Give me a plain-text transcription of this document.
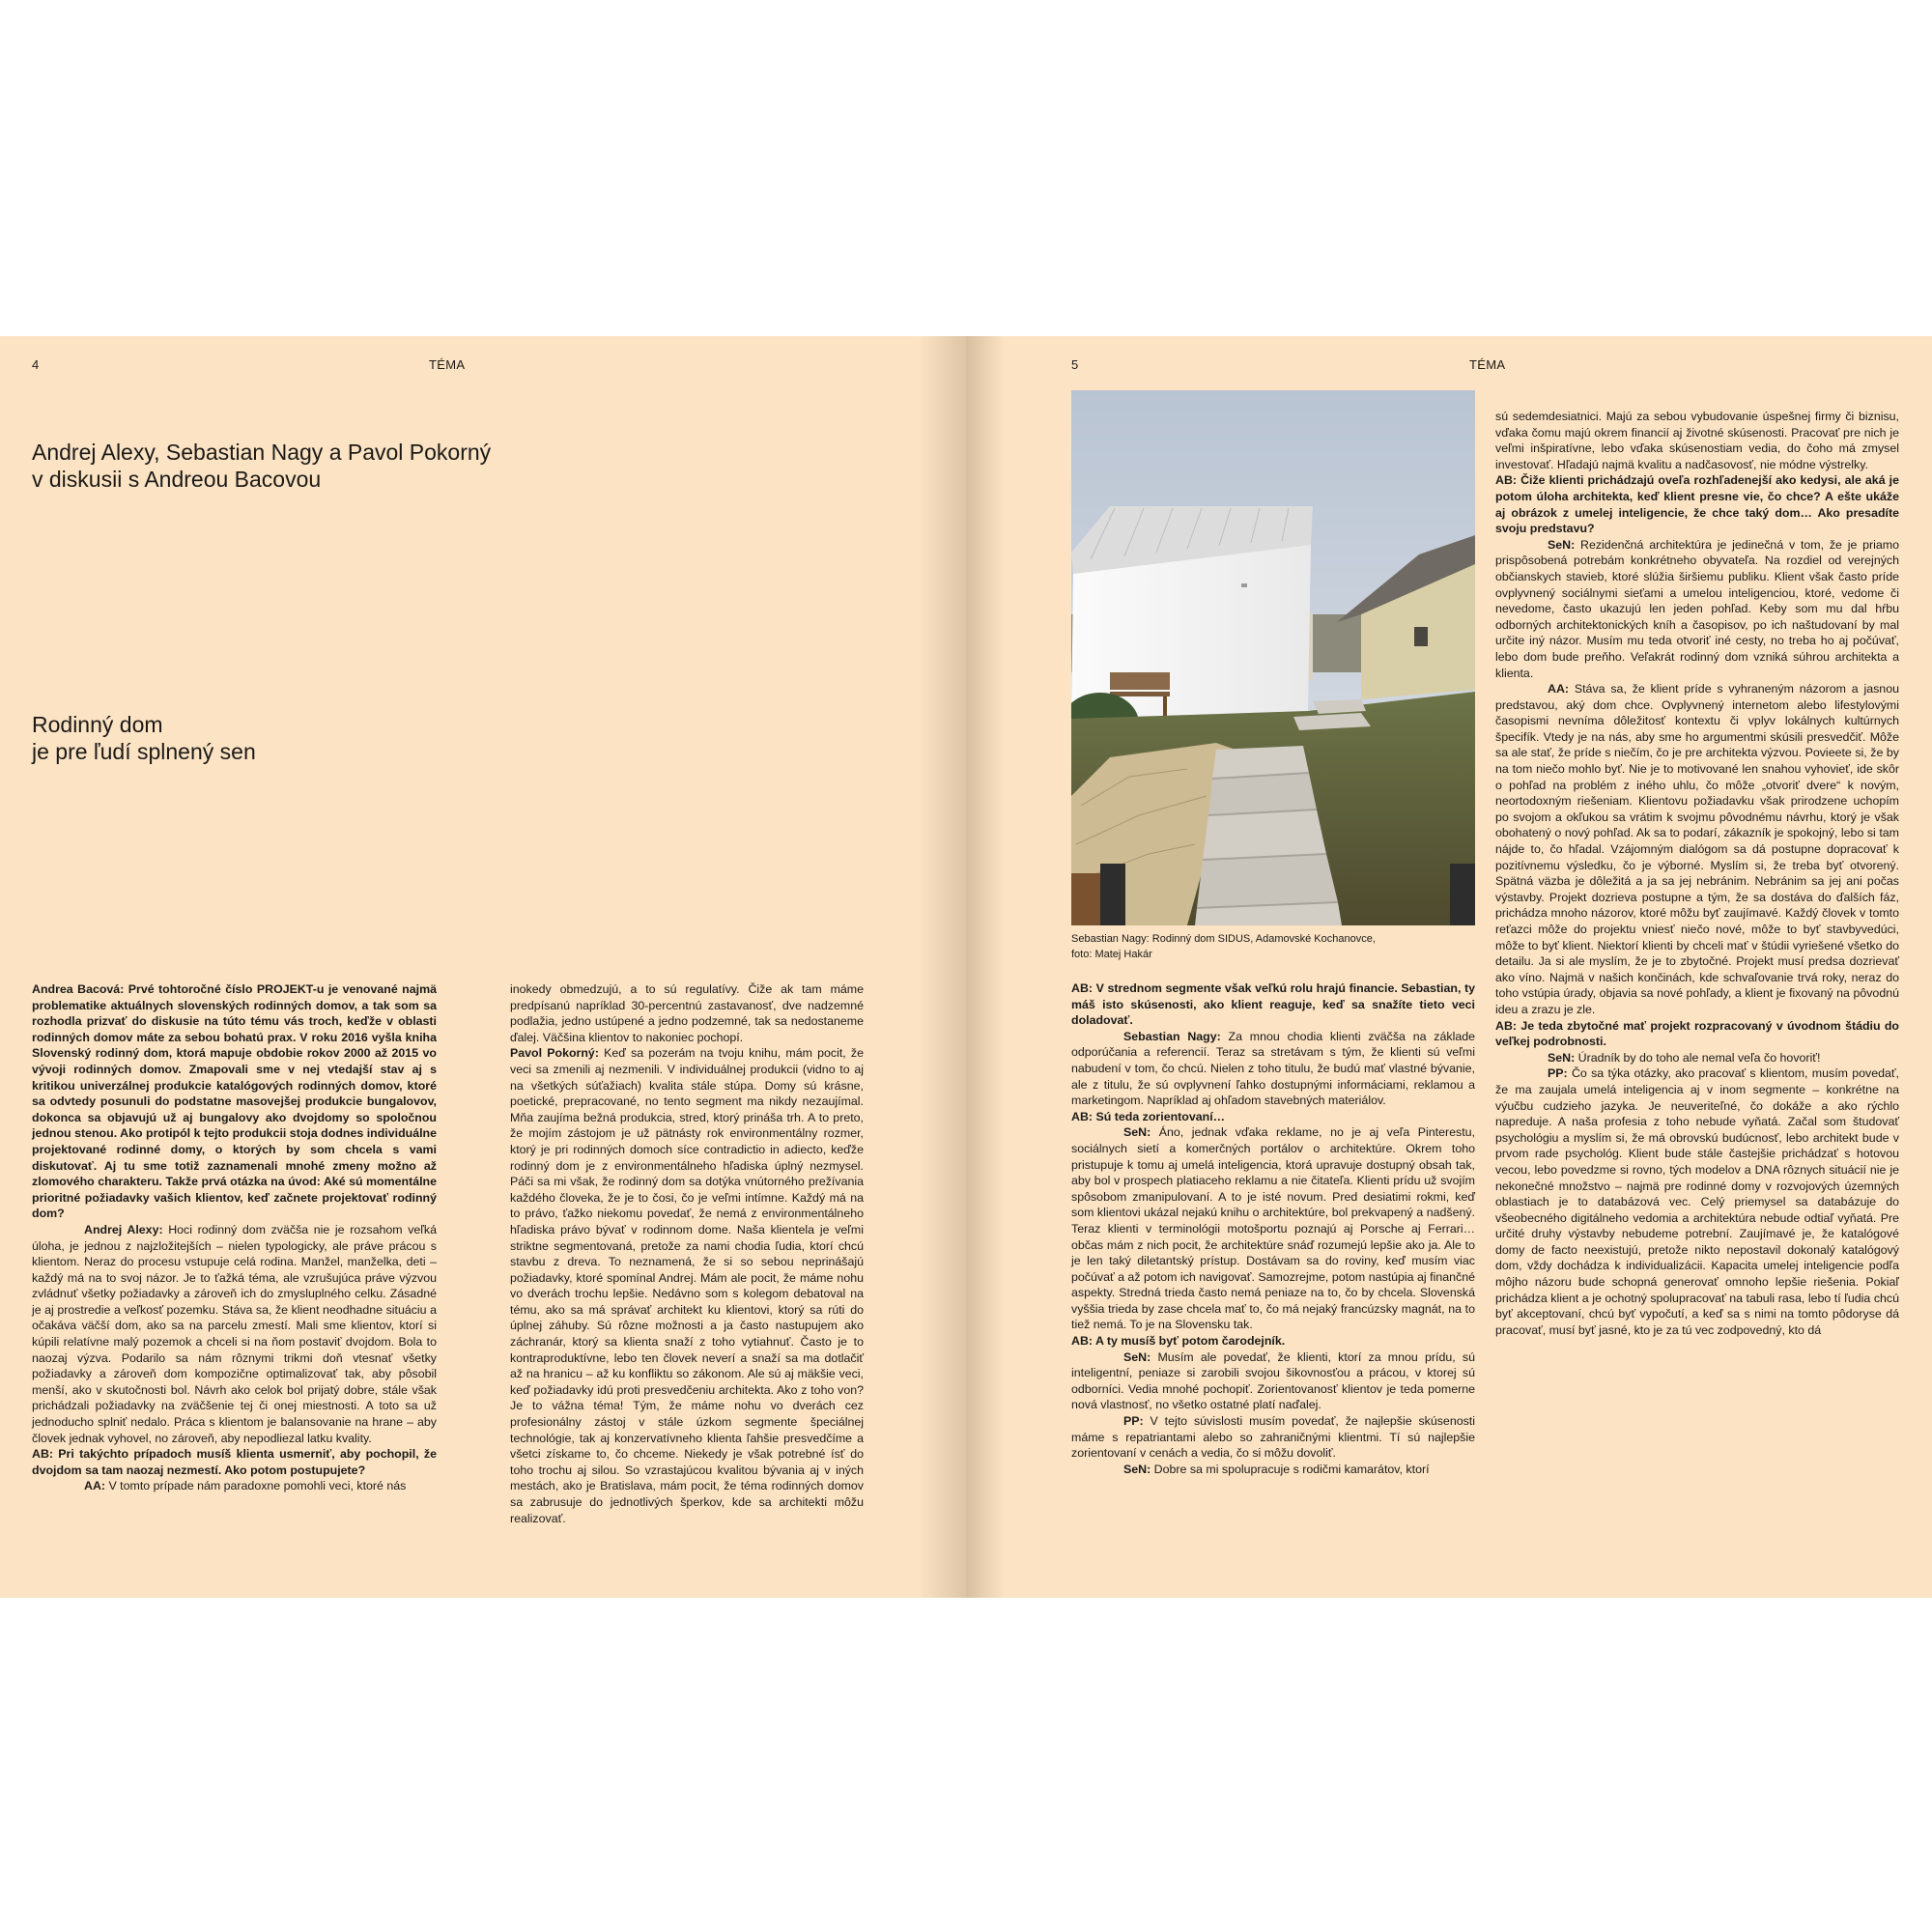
4	TÉMA
Andrej Alexy, Sebastian Nagy a Pavol Pokorný
v diskusii s Andreou Bacovou
Rodinný dom
je pre ľudí splnený sen

Andrea Bacová: Prvé tohtoročné číslo PROJEKT-u je venované najmä problematike aktuálnych slovenských rodinných domov, a tak som sa rozhodla prizvať do diskusie na túto tému vás troch, keďže v oblasti rodinných domov máte za sebou bohatú prax. V roku 2016 vyšla kniha Slovenský rodinný dom, ktorá mapuje obdobie rokov 2000 až 2015 vo vývoji rodinných domov. Zmapovali sme v nej vtedajší stav aj s kritikou univerzálnej produkcie katalógových rodinných domov, ktoré sa odvtedy posunuli do podstatne masovejšej produkcie bungalovov, dokonca sa objavujú už aj bungalovy ako dvojdomy so spoločnou jednou stenou. Ako protipól k tejto produkcii stoja dodnes individuálne projektované rodinné domy, o ktorých by som chcela s vami diskutovať. Aj tu sme totiž zaznamenali mnohé zmeny možno až zlomového charakteru. Takže prvá otázka na úvod: Aké sú momentálne prioritné požiadavky vašich klientov, keď začnete projektovať rodinný dom?

Andrej Alexy: Hoci rodinný dom zväčša nie je rozsahom veľká úloha, je jednou z najzložitejších – nielen typologicky, ale práve prácou s klientom. Neraz do procesu vstupuje celá rodina. Manžel, manželka, deti – každý má na to svoj názor. Je to ťažká téma, ale vzrušujúca práve výzvou zvládnuť všetky požiadavky a zároveň ich do zmysluplného celku. Zásadné je aj prostredie a veľkosť pozemku. Stáva sa, že klient neodhadne situáciu a očakáva väčší dom, ako sa na parcelu zmestí. Mali sme klientov, ktorí si kúpili relatívne malý pozemok a chceli si na ňom postaviť dvojdom. Bola to naozaj výzva. Podarilo sa nám rôznymi trikmi doň vtesnať všetky požiadavky a zároveň dom kompozične optimalizovať tak, aby pôsobil menší, ako v skutočnosti bol. Návrh ako celok bol prijatý dobre, stále však prichádzali požiadavky na zväčšenie tej či onej miestnosti. A toto sa už jednoducho splniť nedalo. Práca s klientom je balansovanie na hrane – aby človek jednak vyhovel, no zároveň, aby nepodliezal latku kvality.

AB: Pri takýchto prípadoch musíš klienta usmerniť, aby pochopil, že dvojdom sa tam naozaj nezmestí. Ako potom postupujete?

AA: V tomto prípade nám paradoxne pomohli veci, ktoré nás

inokedy obmedzujú, a to sú regulatívy. Čiže ak tam máme predpísanú napríklad 30-percentnú zastavanosť, dve nadzemné podlažia, jedno ustúpené a jedno podzemné, tak sa nedostaneme ďalej. Väčšina klientov to nakoniec pochopí.

Pavol Pokorný: Keď sa pozerám na tvoju knihu, mám pocit, že veci sa zmenili aj nezmenili. V individuálnej produkcii (vidno to aj na všetkých súťažiach) kvalita stále stúpa. Domy sú krásne, poetické, prepracované, no tento segment ma nikdy nezaujímal. Mňa zaujíma bežná produkcia, stred, ktorý prináša trh. A to preto, že mojím zástojom je už pätnásty rok environmentálny rozmer, ktorý je pri rodinných domoch síce contradictio in adiecto, keďže rodinný dom je z environmentálneho hľadiska úplný nezmysel. Páči sa mi však, že rodinný dom sa dotýka vnútorného prežívania každého človeka, že je to čosi, čo je veľmi intímne. Každý má na to právo, ťažko niekomu povedať, že nemá z environmentálneho hľadiska právo bývať v rodinnom dome. Naša klientela je veľmi striktne segmentovaná, pretože za nami chodia ľudia, ktorí chcú stavbu z dreva. To neznamená, že si so sebou neprinášajú požiadavky, ktoré spomínal Andrej. Mám ale pocit, že máme nohu vo dverách trochu lepšie. Nedávno som s kolegom debatoval na tému, ako sa má správať architekt ku klientovi, ktorý sa rúti do úplnej záhuby. Sú rôzne možnosti a ja často nastupujem ako záchranár, ktorý sa klienta snaží z toho vytiahnuť. Často je to kontraproduktívne, lebo ten človek neverí a snaží sa ma dotlačiť až na hranicu – až ku konfliktu so zákonom. Ale sú aj mäkšie veci, keď požiadavky idú proti presvedčeniu architekta. Ako z toho von? Je to vážna téma! Tým, že máme nohu vo dverách cez profesionálny zástoj v stále úzkom segmente špeciálnej technológie, tak aj konzervatívneho klienta ľahšie presvedčíme a všetci získame to, čo chceme. Niekedy je však potrebné ísť do toho trochu aj silou. So vzrastajúcou kvalitou bývania aj v iných mestách, ako je Bratislava, mám pocit, že téma rodinných domov sa zabrusuje do jednotlivých šperkov, kde sa architekti môžu realizovať.

5	TÉMA
Sebastian Nagy: Rodinný dom SIDUS, Adamovské Kochanovce,
foto: Matej Hakár

AB: V strednom segmente však veľkú rolu hrajú financie. Sebastian, ty máš isto skúsenosti, ako klient reaguje, keď sa snažíte tieto veci doladovať.

Sebastian Nagy: Za mnou chodia klienti zväčša na základe odporúčania a referencií. Teraz sa stretávam s tým, že klienti sú veľmi nabudení v tom, čo chcú. Nielen z toho titulu, že budú mať vlastné bývanie, ale z titulu, že sú ovplyvnení ľahko dostupnými informáciami, reklamou a marketingom. Napríklad aj ohľadom stavebných materiálov.

AB: Sú teda zorientovaní…

SeN: Áno, jednak vďaka reklame, no je aj veľa Pinterestu, sociálnych sietí a komerčných portálov o architektúre. Okrem toho pristupuje k tomu aj umelá inteligencia, ktorá upravuje dostupný obsah tak, aby bol v prospech platiaceho reklamu a nie čitateľa. Klienti prídu už svojím spôsobom zmanipulovaní. A to je isté novum. Pred desiatimi rokmi, keď som klientovi ukázal nejakú knihu o architektúre, bol prekvapený a nadšený. Teraz klienti v terminológii motošportu poznajú aj Porsche aj Ferrari… občas mám z nich pocit, že architektúre snáď rozumejú lepšie ako ja. Ale to je len taký diletantský prístup. Dostávam sa do roviny, keď musím viac počúvať a až potom ich navigovať. Samozrejme, potom nastúpia aj finančné aspekty. Stredná trieda často nemá peniaze na to, čo by chcela. Slovenská vyššia trieda by zase chcela mať to, čo má nejaký francúzsky magnát, na to tiež nemá. To je na Slovensku tak.

AB: A ty musíš byť potom čarodejník.

SeN: Musím ale povedať, že klienti, ktorí za mnou prídu, sú inteligentní, peniaze si zarobili svojou šikovnosťou a prácou, v ktorej sú odborníci. Vedia mnohé pochopiť. Zorientovanosť klientov je teda pomerne nová vlastnosť, no všetko ostatné platí naďalej.

PP: V tejto súvislosti musím povedať, že najlepšie skúsenosti máme s repatriantami alebo so zahraničnými klientmi. Tí sú najlepšie zorientovaní v cenách a vedia, čo si môžu dovoliť.

SeN: Dobre sa mi spolupracuje s rodičmi kamarátov, ktorí

sú sedemdesiatnici. Majú za sebou vybudovanie úspešnej firmy či biznisu, vďaka čomu majú okrem financií aj životné skúsenosti. Pracovať pre nich je veľmi inšpiratívne, lebo vďaka skúsenostiam vedia, do čoho má zmysel investovať. Hľadajú najmä kvalitu a nadčasovosť, nie módne výstrelky.

AB: Čiže klienti prichádzajú oveľa rozhľadenejší ako kedysi, ale aká je potom úloha architekta, keď klient presne vie, čo chce? A ešte ukáže aj obrázok z umelej inteligencie, že chce taký dom… Ako presadíte svoju predstavu?

SeN: Rezidenčná architektúra je jedinečná v tom, že je priamo prispôsobená potrebám konkrétneho obyvateľa. Na rozdiel od verejných občianskych stavieb, ktoré slúžia širšiemu publiku. Klient však často príde ovplyvnený sociálnymi sieťami a umelou inteligenciou, ktoré, vedome či nevedome, často ukazujú len jeden pohľad. Keby som mu dal hŕbu odborných architektonických kníh a časopisov, po ich naštudovaní by mal určite iný názor. Musím mu teda otvoriť iné cesty, no treba ho aj počúvať, lebo dom bude preňho. Veľakrát rodinný dom vzniká súhrou architekta a klienta.

AA: Stáva sa, že klient príde s vyhraneným názorom a jasnou predstavou, aký dom chce. Ovplyvnený internetom alebo lifestylovými časopismi nevníma dôležitosť kontextu či vplyv lokálnych kultúrnych špecifík. Vtedy je na nás, aby sme ho argumentmi skúsili presvedčiť. Môže sa ale stať, že príde s niečím, čo je pre architekta výzvou. Povieete si, že by na tom niečo mohlo byť. Nie je to motivované len snahou vyhovieť, ide skôr o pohľad na problém z iného uhlu, čo môže „otvoriť dvere“ k novým, neortodoxným riešeniam. Klientovu požiadavku však prirodzene uchopím po svojom a okľukou sa vrátim k svojmu pôvodnému návrhu, ktorý je však obohatený o nový pohľad. Ak sa to podarí, zákazník je spokojný, lebo si tam nájde to, čo hľadal. Vzájomným dialógom sa dá postupne dopracovať k pozitívnemu výsledku, čo je výborné. Myslím si, že treba byť otvorený. Spätná väzba je dôležitá a ja sa jej nebránim. Nebránim sa jej ani počas výstavby. Projekt dozrieva postupne a tým, že sa dostáva do ďalších fáz, prichádza mnoho názorov, ktoré môžu byť zaujímavé. Každý človek v tomto reťazci môže do projektu vniesť niečo nové, môže to byť stavbyvedúci, môže to byť klient. Niektorí klienti by chceli mať v štúdii vyriešené všetko do detailu. Ja si ale myslím, že je to zbytočné. Projekt musí predsa dozrievať ako víno. Najmä v našich končinách, kde schvaľovanie trvá roky, neraz do toho vstúpia úrady, objavia sa nové pohľady, a klient je fixovaný na pôvodnú ideu a zrazu je zle.

AB: Je teda zbytočné mať projekt rozpracovaný v úvodnom štádiu do veľkej podrobnosti.

SeN: Úradník by do toho ale nemal veľa čo hovoriť!

PP: Čo sa týka otázky, ako pracovať s klientom, musím povedať, že ma zaujala umelá inteligencia aj v inom segmente – konkrétne na výučbu cudzieho jazyka. Je neuveriteľné, čo dokáže a ako rýchlo napreduje. A naša profesia z toho nebude vyňatá. Začal som študovať psychológiu a myslím si, že má obrovskú budúcnosť, lebo architekt bude v prvom rade psychológ. Klient bude stále častejšie prichádzať s hotovou vecou, lebo povedzme si rovno, tých modelov a DNA rôznych situácií nie je nekonečné množstvo – najmä pre rodinné domy v rozvojových územných oblastiach je to databázová vec. Celý priemysel sa databázuje do všeobecného digitálneho vedomia a architektúra nebude odtiaľ vyňatá. Pre určité druhy výstavby nebudeme potrební. Zaujímavé je, že katalógové domy de facto neexistujú, pretože nikto nepostavil dokonalý katalógový dom, vždy dochádza k individualizácii. Kapacita umelej inteligencie podľa môjho názoru bude schopná generovať omnoho lepšie riešenia. Pokiaľ prichádza klient a je ochotný spolupracovať na tabuli rasa, lebo tí ľudia chcú byť akceptovaní, chcú byť vypočutí, a keď sa s nimi na tomto pôdoryse dá pracovať, musí byť jasné, kto je za tú vec zodpovedný, kto dá
